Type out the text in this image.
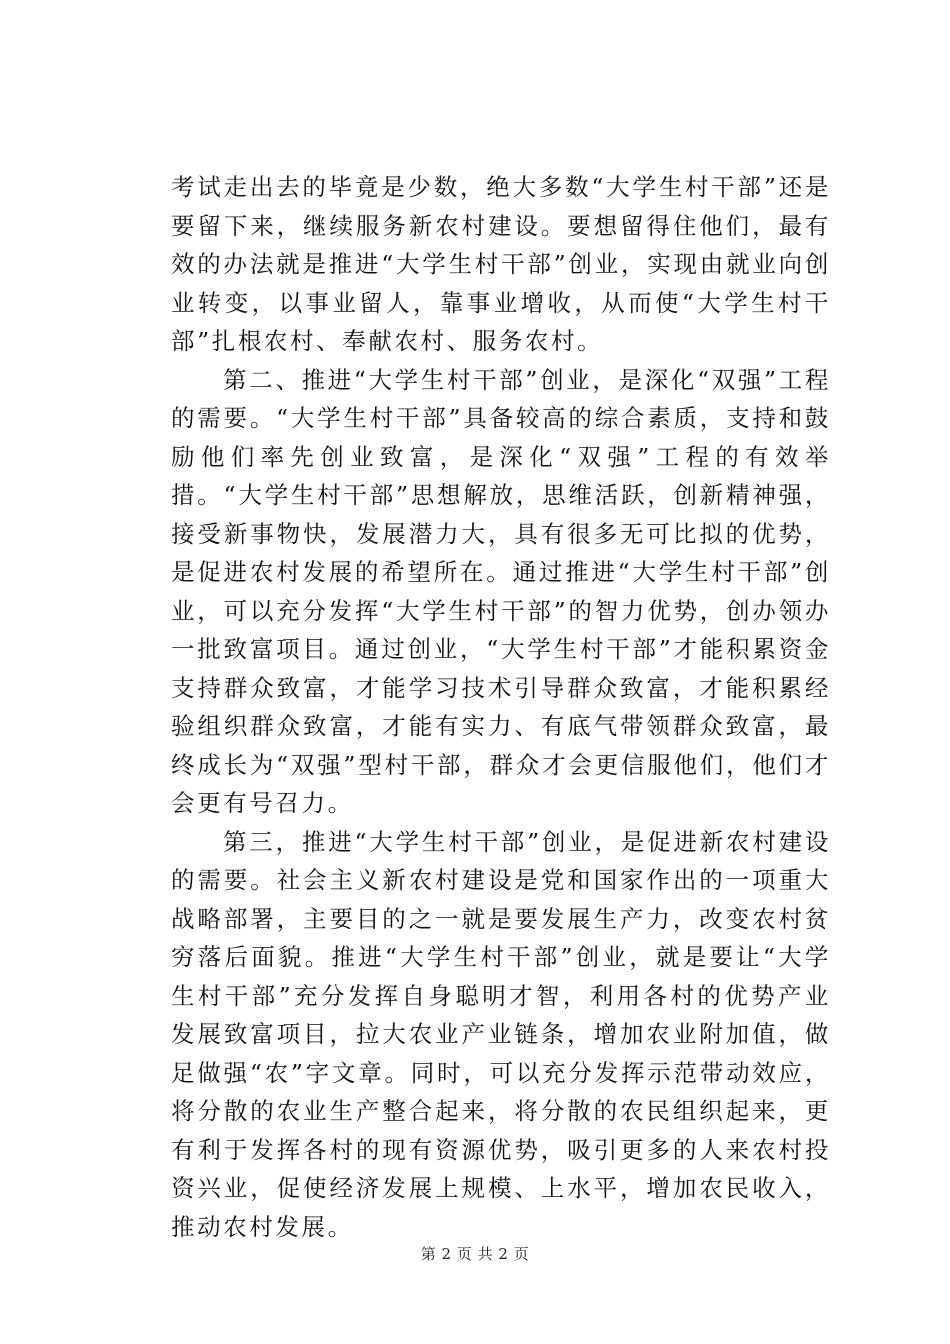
考试走出去的毕竟是少数，绝大多数“大学生村干部”还是要留下来，继续服务新农村建设。要想留得住他们，最有效的办法就是推进“大学生村干部”创业，实现由就业向创业转变，以事业留人，靠事业增收，从而使“大学生村干部”扎根农村、奉献农村、服务农村。

第二、推进“大学生村干部”创业，是深化“双强”工程的需要。“大学生村干部”具备较高的综合素质，支持和鼓励他们率先创业致富，是深化“双强”工程的有效举措。“大学生村干部”思想解放，思维活跃，创新精神强，接受新事物快，发展潜力大，具有很多无可比拟的优势，是促进农村发展的希望所在。通过推进“大学生村干部”创业，可以充分发挥“大学生村干部”的智力优势，创办领办一批致富项目。通过创业，“大学生村干部”才能积累资金支持群众致富，才能学习技术引导群众致富，才能积累经验组织群众致富，才能有实力、有底气带领群众致富，最终成长为“双强”型村干部，群众才会更信服他们，他们才会更有号召力。

第三，推进“大学生村干部”创业，是促进新农村建设的需要。社会主义新农村建设是党和国家作出的一项重大战略部署，主要目的之一就是要发展生产力，改变农村贫穷落后面貌。推进“大学生村干部”创业，就是要让“大学生村干部”充分发挥自身聪明才智，利用各村的优势产业发展致富项目，拉大农业产业链条，增加农业附加值，做足做强“农”字文章。同时，可以充分发挥示范带动效应，将分散的农业生产整合起来，将分散的农民组织起来，更有利于发挥各村的现有资源优势，吸引更多的人来农村投资兴业，促使经济发展上规模、上水平，增加农民收入，推动农村发展。

第 2 页 共 2 页
